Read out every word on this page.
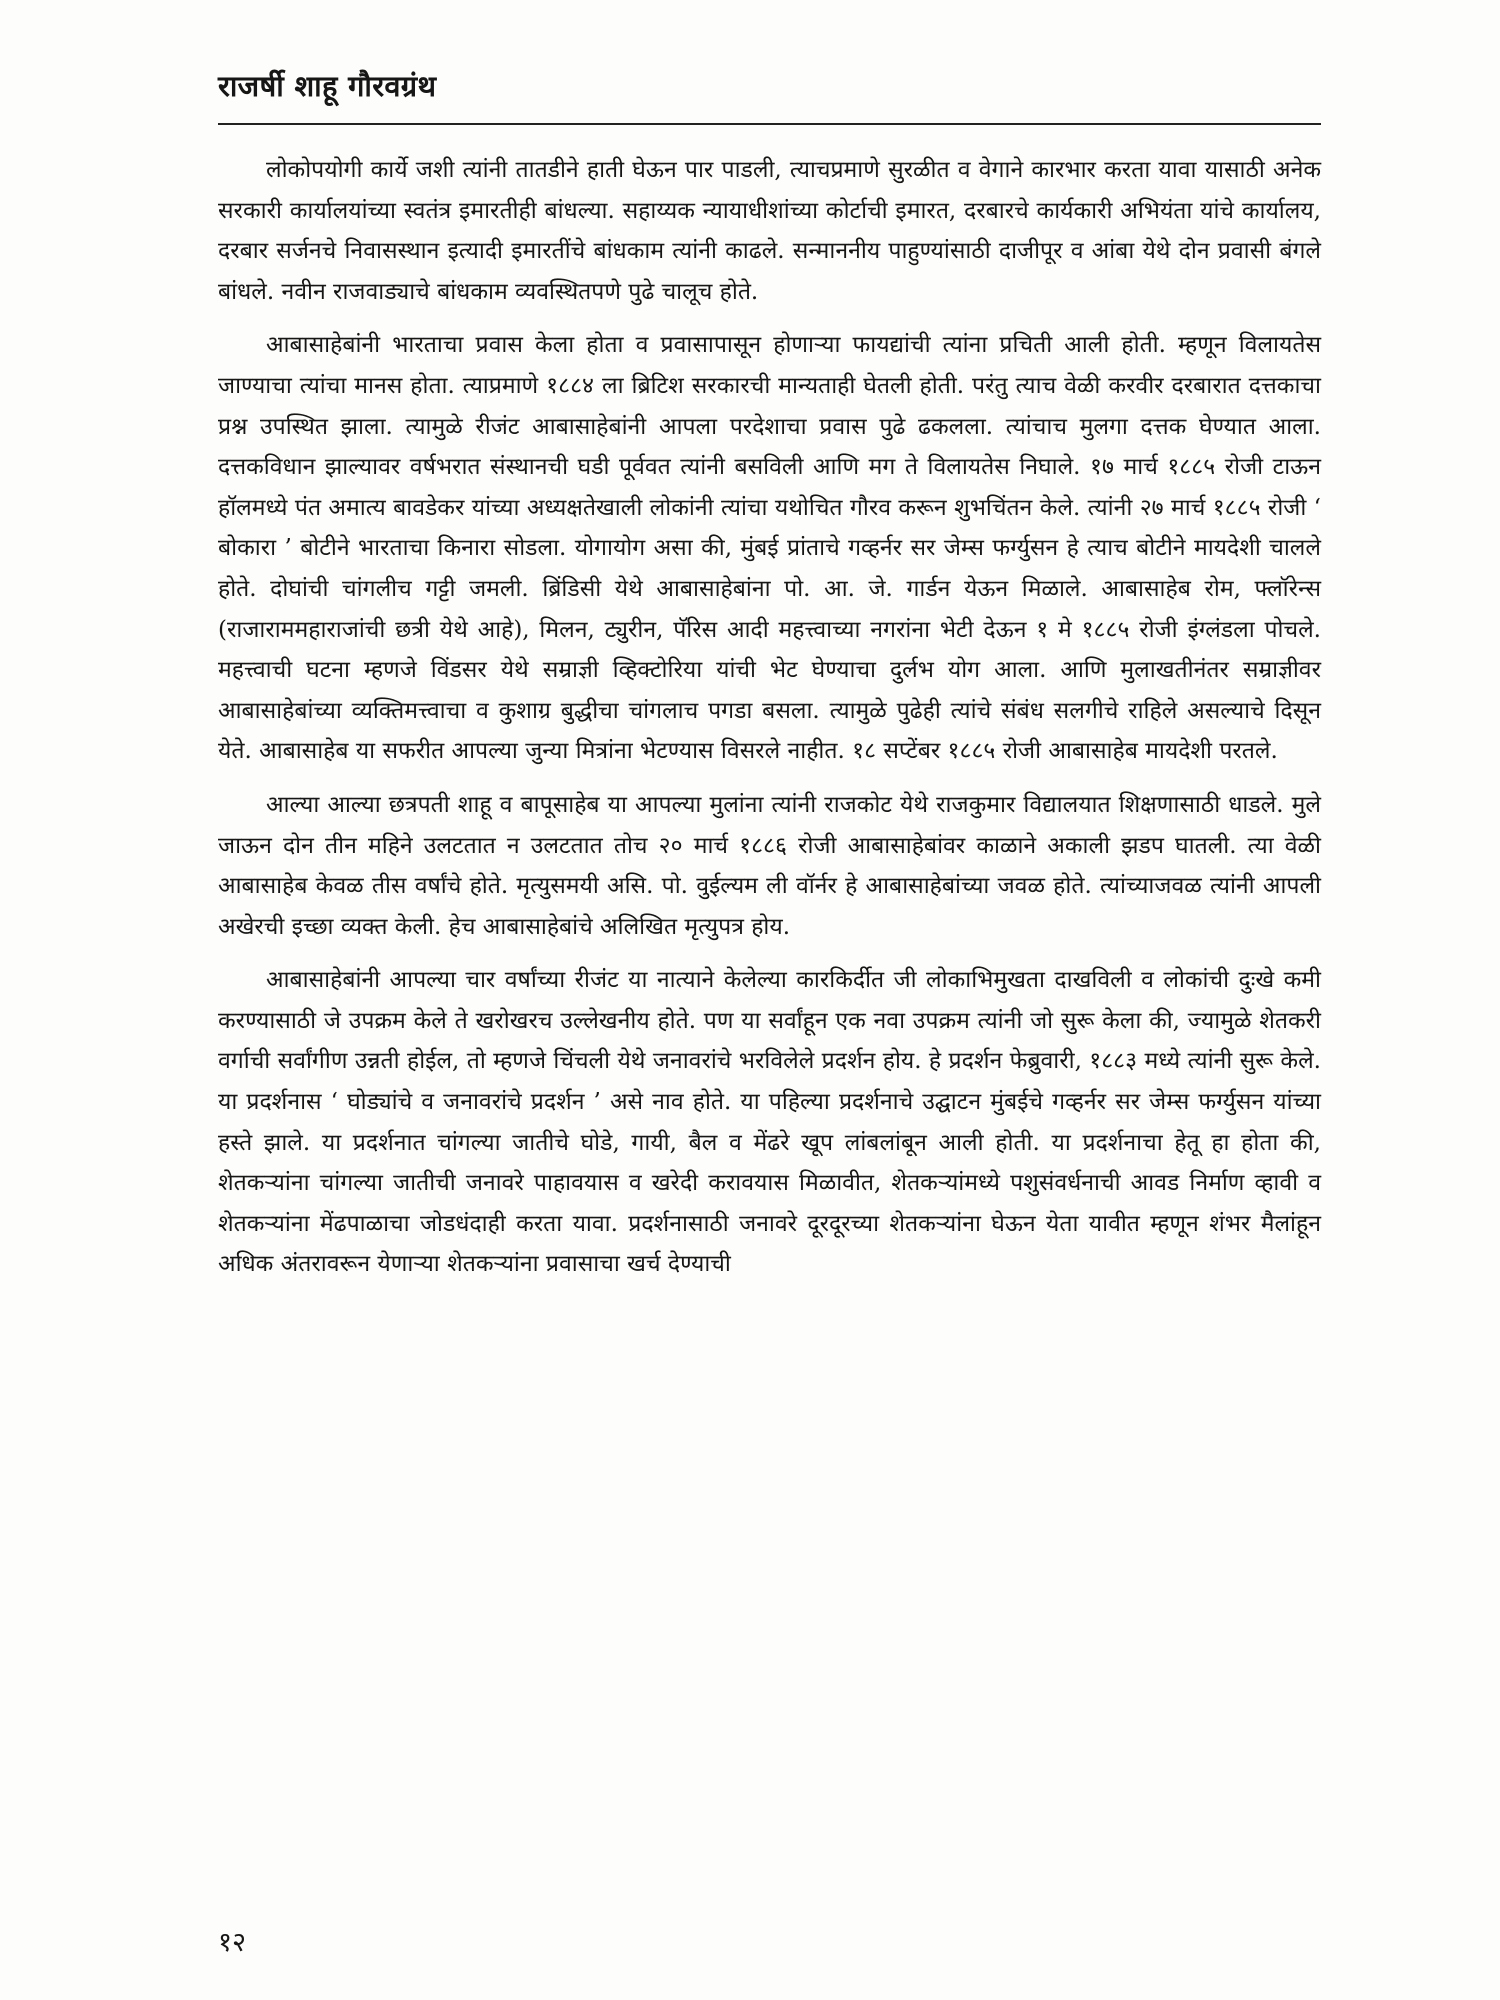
राजर्षी शाहू गौरवग्रंथ

लोकोपयोगी कार्ये जशी त्यांनी तातडीने हाती घेऊन पार पाडली, त्याचप्रमाणे सुरळीत व वेगाने कारभार करता यावा यासाठी अनेक सरकारी कार्यालयांच्या स्वतंत्र इमारतीही बांधल्या. सहाय्यक न्यायाधीशांच्या कोर्टाची इमारत, दरबारचे कार्यकारी अभियंता यांचे कार्यालय, दरबार सर्जनचे निवासस्थान इत्यादी इमारतींचे बांधकाम त्यांनी काढले. सन्माननीय पाहुण्यांसाठी दाजीपूर व आंबा येथे दोन प्रवासी बंगले बांधले. नवीन राजवाड्याचे बांधकाम व्यवस्थितपणे पुढे चालूच होते.

आबासाहेबांनी भारताचा प्रवास केला होता व प्रवासापासून होणाऱ्या फायद्यांची त्यांना प्रचिती आली होती. म्हणून विलायतेस जाण्याचा त्यांचा मानस होता. त्याप्रमाणे १८८४ ला ब्रिटिश सरकारची मान्यताही घेतली होती. परंतु त्याच वेळी करवीर दरबारात दत्तकाचा प्रश्न उपस्थित झाला. त्यामुळे रीजंट आबासाहेबांनी आपला परदेशाचा प्रवास पुढे ढकलला. त्यांचाच मुलगा दत्तक घेण्यात आला. दत्तकविधान झाल्यावर वर्षभरात संस्थानची घडी पूर्ववत त्यांनी बसविली आणि मग ते विलायतेस निघाले. १७ मार्च १८८५ रोजी टाऊन हॉलमध्ये पंत अमात्य बावडेकर यांच्या अध्यक्षतेखाली लोकांनी त्यांचा यथोचित गौरव करून शुभचिंतन केले. त्यांनी २७ मार्च १८८५ रोजी ‘ बोकारा ’ बोटीने भारताचा किनारा सोडला. योगायोग असा की, मुंबई प्रांताचे गव्हर्नर सर जेम्स फर्ग्युसन हे त्याच बोटीने मायदेशी चालले होते. दोघांची चांगलीच गट्टी जमली. ब्रिंडिसी येथे आबासाहेबांना पो. आ. जे. गार्डन येऊन मिळाले. आबासाहेब रोम, फ्लॉरेन्स (राजाराममहाराजांची छत्री येथे आहे), मिलन, ट्युरीन, पॅरिस आदी महत्त्वाच्या नगरांना भेटी देऊन १ मे १८८५ रोजी इंग्लंडला पोचले. महत्त्वाची घटना म्हणजे विंडसर येथे सम्राज्ञी व्हिक्टोरिया यांची भेट घेण्याचा दुर्लभ योग आला. आणि मुलाखतीनंतर सम्राज्ञीवर आबासाहेबांच्या व्यक्तिमत्त्वाचा व कुशाग्र बुद्धीचा चांगलाच पगडा बसला. त्यामुळे पुढेही त्यांचे संबंध सलगीचे राहिले असल्याचे दिसून येते. आबासाहेब या सफरीत आपल्या जुन्या मित्रांना भेटण्यास विसरले नाहीत. १८ सप्टेंबर १८८५ रोजी आबासाहेब मायदेशी परतले.

आल्या आल्या छत्रपती शाहू व बापूसाहेब या आपल्या मुलांना त्यांनी राजकोट येथे राजकुमार विद्यालयात शिक्षणासाठी धाडले. मुले जाऊन दोन तीन महिने उलटतात न उलटतात तोच २० मार्च १८८६ रोजी आबासाहेबांवर काळाने अकाली झडप घातली. त्या वेळी आबासाहेब केवळ तीस वर्षांचे होते. मृत्युसमयी असि. पो. वुईल्यम ली वॉर्नर हे आबासाहेबांच्या जवळ होते. त्यांच्याजवळ त्यांनी आपली अखेरची इच्छा व्यक्त केली. हेच आबासाहेबांचे अलिखित मृत्युपत्र होय.

आबासाहेबांनी आपल्या चार वर्षांच्या रीजंट या नात्याने केलेल्या कारकिर्दीत जी लोकाभिमुखता दाखविली व लोकांची दुःखे कमी करण्यासाठी जे उपक्रम केले ते खरोखरच उल्लेखनीय होते. पण या सर्वांहून एक नवा उपक्रम त्यांनी जो सुरू केला की, ज्यामुळे शेतकरी वर्गाची सर्वांगीण उन्नती होईल, तो म्हणजे चिंचली येथे जनावरांचे भरविलेले प्रदर्शन होय. हे प्रदर्शन फेब्रुवारी, १८८३ मध्ये त्यांनी सुरू केले. या प्रदर्शनास ‘ घोड्यांचे व जनावरांचे प्रदर्शन ’ असे नाव होते. या पहिल्या प्रदर्शनाचे उद्घाटन मुंबईचे गव्हर्नर सर जेम्स फर्ग्युसन यांच्या हस्ते झाले. या प्रदर्शनात चांगल्या जातीचे घोडे, गायी, बैल व मेंढरे खूप लांबलांबून आली होती. या प्रदर्शनाचा हेतू हा होता की, शेतकऱ्यांना चांगल्या जातीची जनावरे पाहावयास व खरेदी करावयास मिळावीत, शेतकऱ्यांमध्ये पशुसंवर्धनाची आवड निर्माण व्हावी व शेतकऱ्यांना मेंढपाळाचा जोडधंदाही करता यावा. प्रदर्शनासाठी जनावरे दूरदूरच्या शेतकऱ्यांना घेऊन येता यावीत म्हणून शंभर मैलांहून अधिक अंतरावरून येणाऱ्या शेतकऱ्यांना प्रवासाचा खर्च देण्याची

१२
